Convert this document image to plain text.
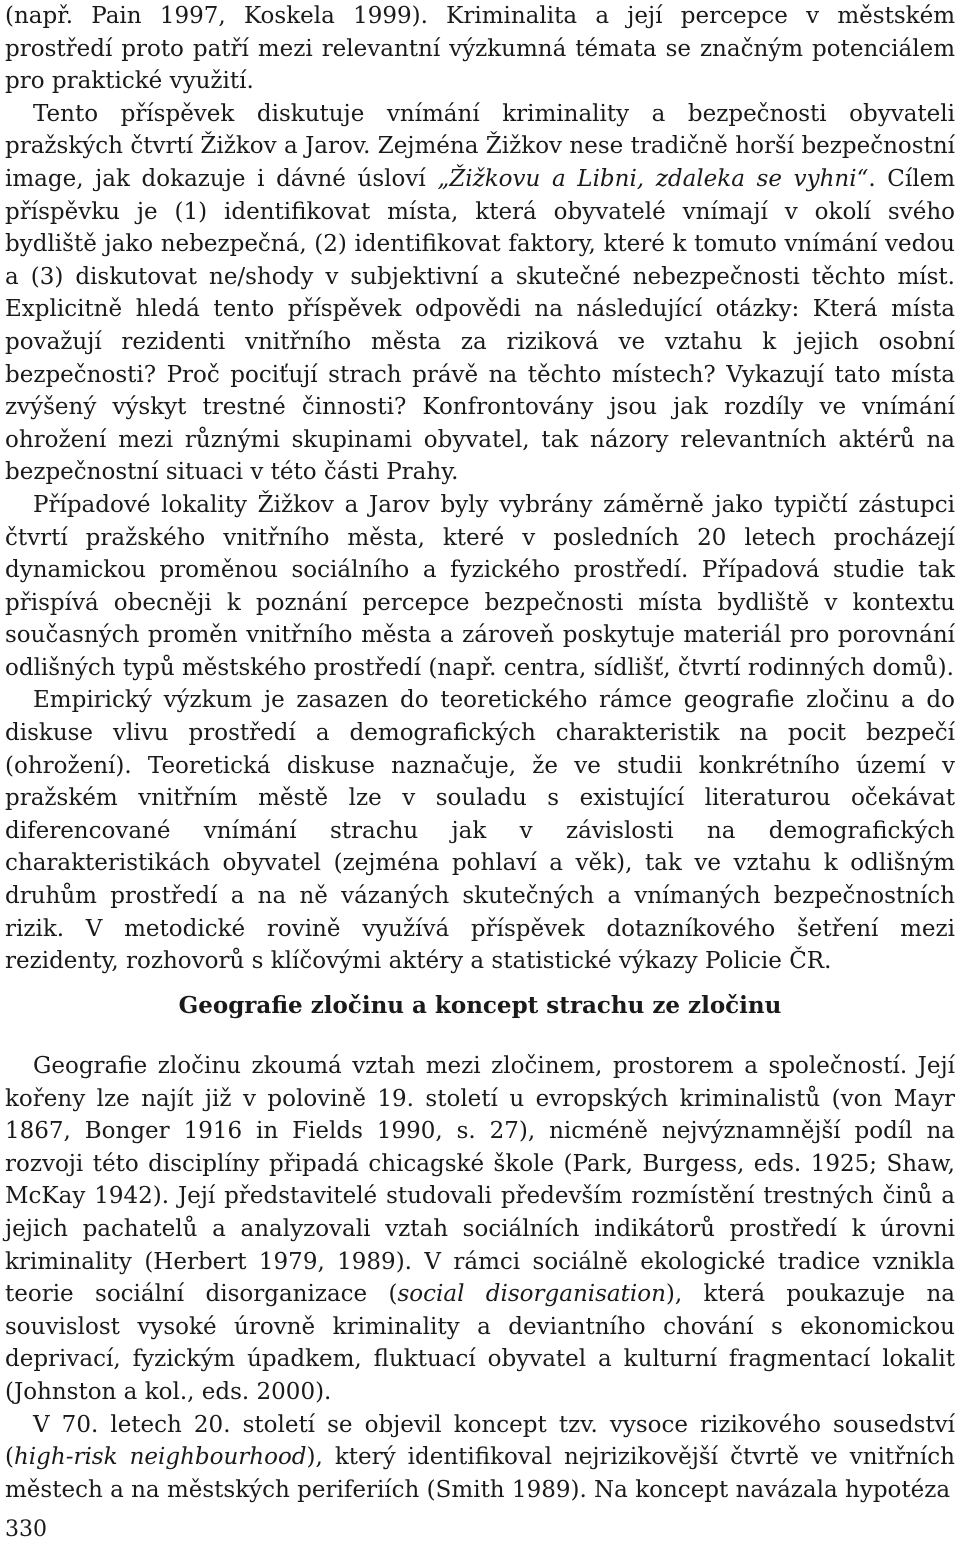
(např. Pain 1997, Koskela 1999). Kriminalita a její percepce v městském prostředí proto patří mezi relevantní výzkumná témata se značným potenciálem pro praktické využití.

Tento příspěvek diskutuje vnímání kriminality a bezpečnosti obyvateli pražských čtvrtí Žižkov a Jarov. Zejména Žižkov nese tradičně horší bezpečnostní image, jak dokazuje i dávné úsloví „Žižkovu a Libni, zdaleka se vyhni“. Cílem příspěvku je (1) identifikovat místa, která obyvatelé vnímají v okolí svého bydliště jako nebezpečná, (2) identifikovat faktory, které k tomuto vnímání vedou a (3) diskutovat ne/shody v subjektivní a skutečné nebezpečnosti těchto míst. Explicitně hledá tento příspěvek odpovědi na následující otázky: Která místa považují rezidenti vnitřního města za riziková ve vztahu k jejich osobní bezpečnosti? Proč pociťují strach právě na těchto místech? Vykazují tato místa zvýšený výskyt trestné činnosti? Konfrontovány jsou jak rozdíly ve vnímání ohrožení mezi různými skupinami obyvatel, tak názory relevantních aktérů na bezpečnostní situaci v této části Prahy.

Případové lokality Žižkov a Jarov byly vybrány záměrně jako typičtí zástupci čtvrtí pražského vnitřního města, které v posledních 20 letech procházejí dynamickou proměnou sociálního a fyzického prostředí. Případová studie tak přispívá obecněji k poznání percepce bezpečnosti místa bydliště v kontextu současných proměn vnitřního města a zároveň poskytuje materiál pro porovnání odlišných typů městského prostředí (např. centra, sídlišť, čtvrtí rodinných domů).

Empirický výzkum je zasazen do teoretického rámce geografie zločinu a do diskuse vlivu prostředí a demografických charakteristik na pocit bezpečí (ohrožení). Teoretická diskuse naznačuje, že ve studii konkrétního území v pražském vnitřním městě lze v souladu s existující literaturou očekávat diferencované vnímání strachu jak v závislosti na demografických charakteristikách obyvatel (zejména pohlaví a věk), tak ve vztahu k odlišným druhům prostředí a na ně vázaných skutečných a vnímaných bezpečnostních rizik. V metodické rovině využívá příspěvek dotazníkového šetření mezi rezidenty, rozhovorů s klíčovými aktéry a statistické výkazy Policie ČR.

Geografie zločinu a koncept strachu ze zločinu

Geografie zločinu zkoumá vztah mezi zločinem, prostorem a společností. Její kořeny lze najít již v polovině 19. století u evropských kriminalistů (von Mayr 1867, Bonger 1916 in Fields 1990, s. 27), nicméně nejvýznamnější podíl na rozvoji této disciplíny připadá chicagské škole (Park, Burgess, eds. 1925; Shaw, McKay 1942). Její představitelé studovali především rozmístění trestných činů a jejich pachatelů a analyzovali vztah sociálních indikátorů prostředí k úrovni kriminality (Herbert 1979, 1989). V rámci sociálně ekologické tradice vznikla teorie sociální disorganizace (social disorganisation), která poukazuje na souvislost vysoké úrovně kriminality a deviantního chování s ekonomickou deprivací, fyzickým úpadkem, fluktuací obyvatel a kulturní fragmentací lokalit (Johnston a kol., eds. 2000).

V 70. letech 20. století se objevil koncept tzv. vysoce rizikového sousedství (high-risk neighbourhood), který identifikoval nejrizikovější čtvrtě ve vnitřních městech a na městských periferiích (Smith 1989). Na koncept navázala hypotéza

330
